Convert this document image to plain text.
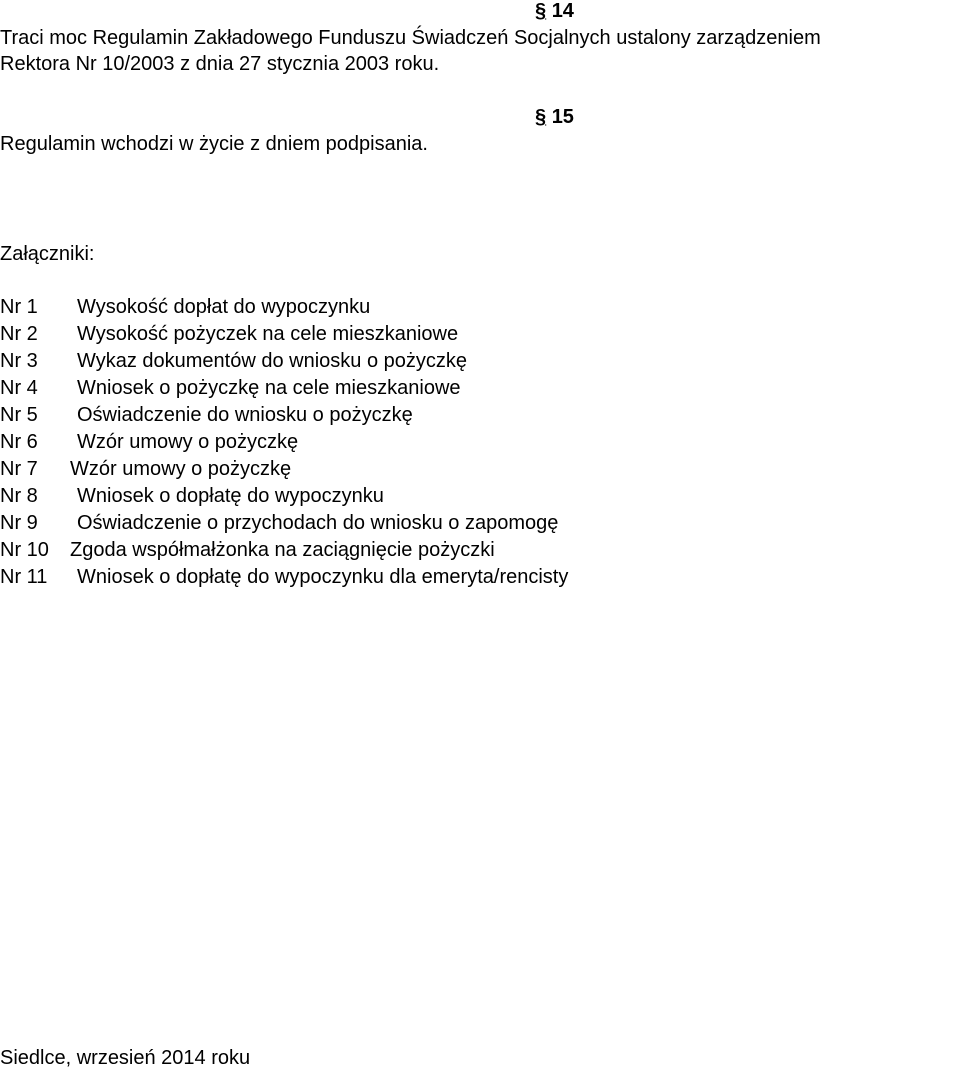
§ 14
Traci moc Regulamin Zakładowego Funduszu Świadczeń Socjalnych ustalony zarządzeniem
Rektora Nr 10/2003 z dnia 27 stycznia 2003 roku.
§ 15
Regulamin wchodzi w życie z dniem podpisania.
Załączniki:
Nr 1 Wysokość dopłat do wypoczynku
Nr 2 Wysokość pożyczek na cele mieszkaniowe
Nr 3 Wykaz dokumentów do wniosku o pożyczkę
Nr 4 Wniosek o pożyczkę na cele mieszkaniowe
Nr 5 Oświadczenie do wniosku o pożyczkę
Nr 6 Wzór umowy o pożyczkę
Nr 7 Wzór umowy o pożyczkę
Nr 8 Wniosek o dopłatę do wypoczynku
Nr 9 Oświadczenie o przychodach do wniosku o zapomogę
Nr 10 Zgoda współmałżonka na zaciągnięcie pożyczki
Nr 11 Wniosek o dopłatę do wypoczynku dla emeryta/rencisty
Siedlce, wrzesień 2014 roku
